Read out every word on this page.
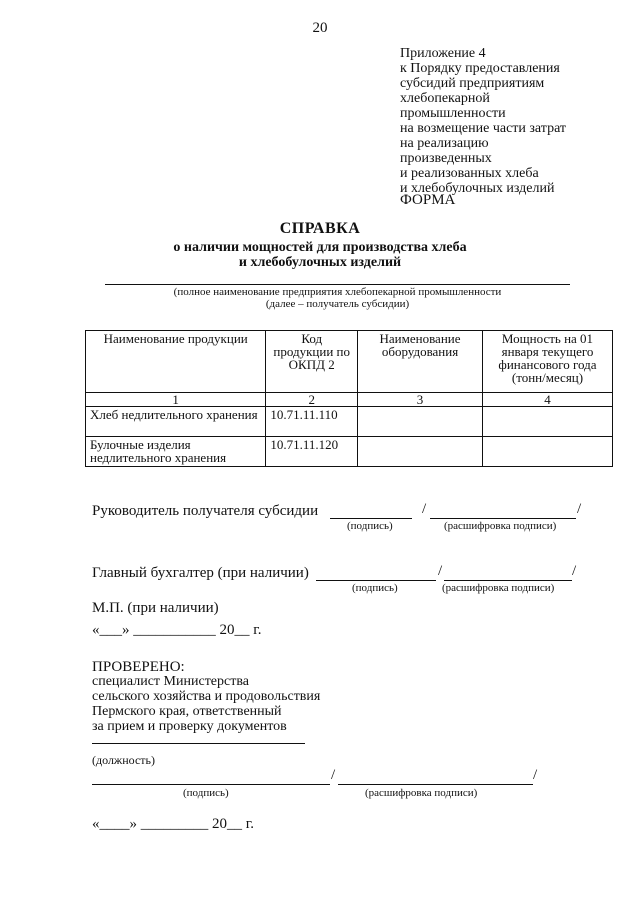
20
Приложение 4
к Порядку предоставления
субсидий предприятиям
хлебопекарной
промышленности
на возмещение части затрат
на реализацию
произведенных
и реализованных хлеба
и хлебобулочных изделий
ФОРМА
СПРАВКА
о наличии мощностей для производства хлеба
и хлебобулочных изделий
(полное наименование предприятия хлебопекарной промышленности
(далее – получатель субсидии)
Наименование продукции	Код продукции по ОКПД 2	Наименование оборудования	Мощность на 01 января текущего финансового года (тонн/месяц)
1	2	3	4
Хлеб недлительного хранения	10.71.11.110		
Булочные изделия недлительного хранения	10.71.11.120		
Руководитель получателя субсидии	/	/
(подпись)	(расшифровка подписи)
Главный бухгалтер (при наличии)	/	/
(подпись)	(расшифровка подписи)
М.П. (при наличии)
«___» ___________ 20__ г.
ПРОВЕРЕНО:
специалист Министерства
сельского хозяйства и продовольствия
Пермского края, ответственный
за прием и проверку документов
(должность)
/	/
(подпись)	(расшифровка подписи)
«____» _________ 20__ г.
